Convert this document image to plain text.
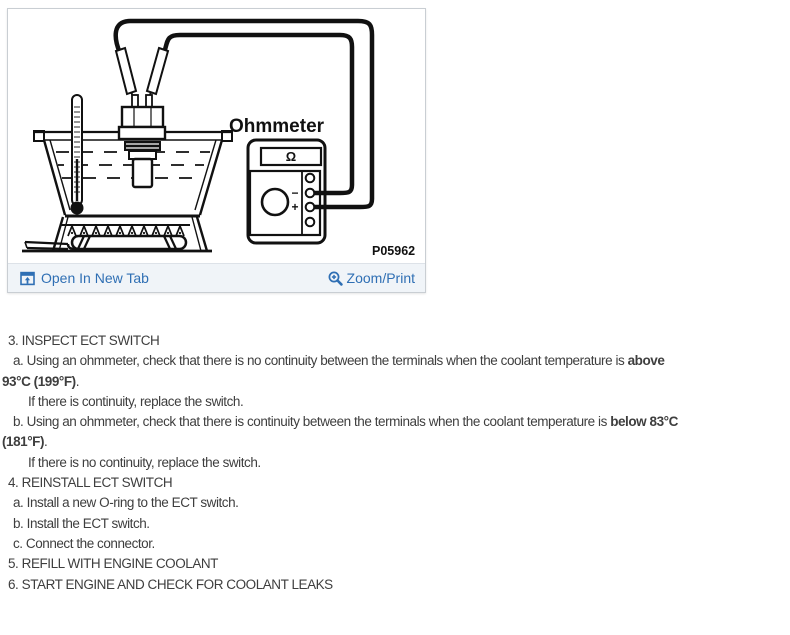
Ω
−
+
Ohmmeter
P05962
Open In New Tab	Zoom/Print
3. INSPECT ECT SWITCH
a. Using an ohmmeter, check that there is no continuity between the terminals when the coolant temperature is above
93°C (199°F).
If there is continuity, replace the switch.
b. Using an ohmmeter, check that there is continuity between the terminals when the coolant temperature is below 83°C
(181°F).
If there is no continuity, replace the switch.
4. REINSTALL ECT SWITCH
a. Install a new O-ring to the ECT switch.
b. Install the ECT switch.
c. Connect the connector.
5. REFILL WITH ENGINE COOLANT
6. START ENGINE AND CHECK FOR COOLANT LEAKS
